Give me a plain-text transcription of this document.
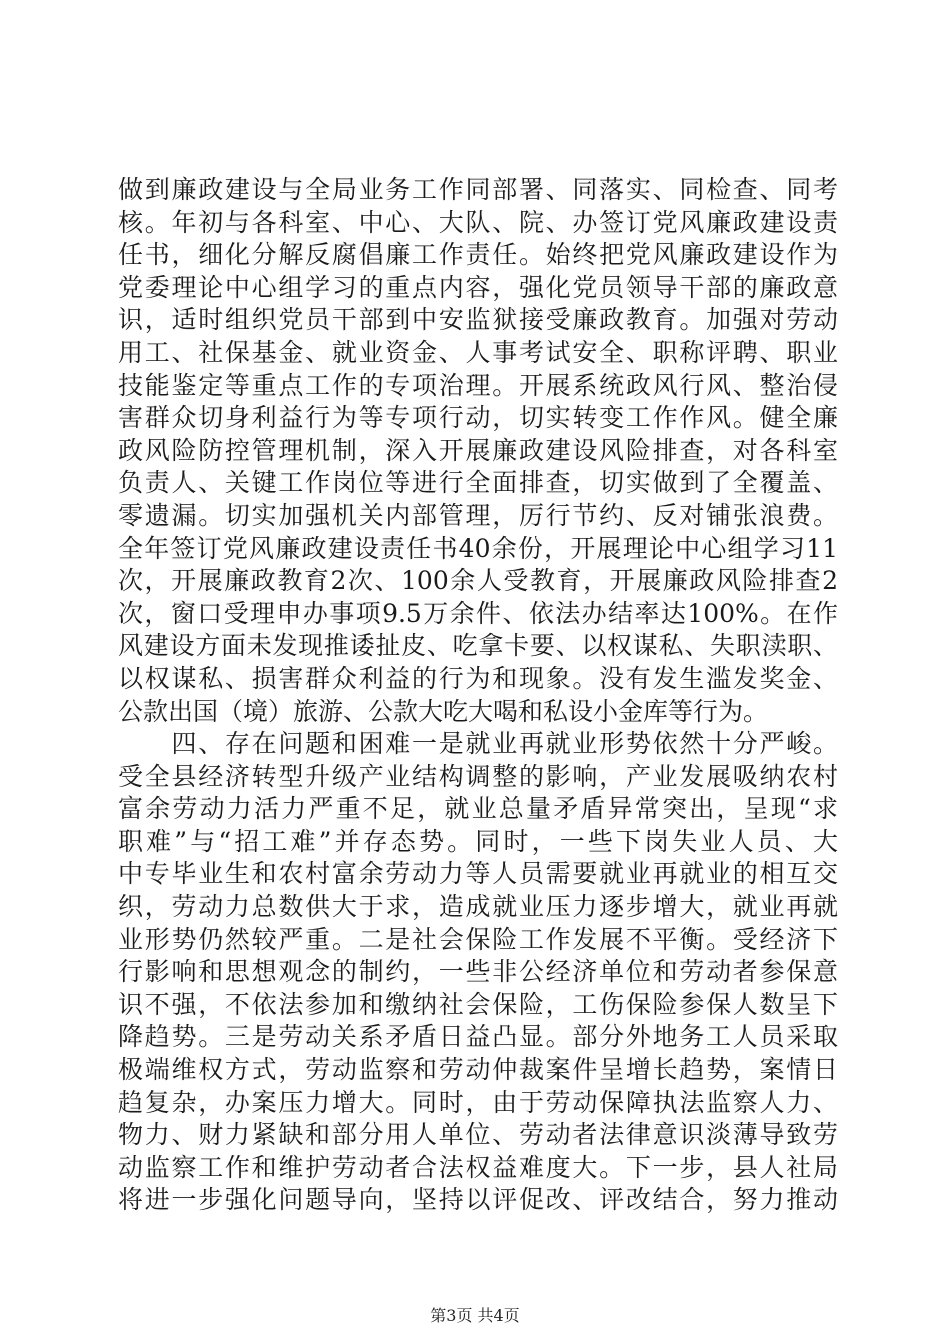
做到廉政建设与全局业务工作同部署、同落实、同检查、同考
核。年初与各科室、中心、大队、院、办签订党风廉政建设责
任书，细化分解反腐倡廉工作责任。始终把党风廉政建设作为
党委理论中心组学习的重点内容，强化党员领导干部的廉政意
识，适时组织党员干部到中安监狱接受廉政教育。加强对劳动
用工、社保基金、就业资金、人事考试安全、职称评聘、职业
技能鉴定等重点工作的专项治理。开展系统政风行风、整治侵
害群众切身利益行为等专项行动，切实转变工作作风。健全廉
政风险防控管理机制，深入开展廉政建设风险排查，对各科室
负责人、关键工作岗位等进行全面排查，切实做到了全覆盖、
零遗漏。切实加强机关内部管理，厉行节约、反对铺张浪费。
全年签订党风廉政建设责任书40余份，开展理论中心组学习11
次，开展廉政教育2次、100余人受教育，开展廉政风险排查2
次，窗口受理申办事项9.5万余件、依法办结率达100%。在作
风建设方面未发现推诿扯皮、吃拿卡要、以权谋私、失职渎职、
以权谋私、损害群众利益的行为和现象。没有发生滥发奖金、
公款出国（境）旅游、公款大吃大喝和私设小金库等行为。
　　四、存在问题和困难一是就业再就业形势依然十分严峻。
受全县经济转型升级产业结构调整的影响，产业发展吸纳农村
富余劳动力活力严重不足，就业总量矛盾异常突出，呈现“求
职难”与“招工难”并存态势。同时，一些下岗失业人员、大
中专毕业生和农村富余劳动力等人员需要就业再就业的相互交
织，劳动力总数供大于求，造成就业压力逐步增大，就业再就
业形势仍然较严重。二是社会保险工作发展不平衡。受经济下
行影响和思想观念的制约，一些非公经济单位和劳动者参保意
识不强，不依法参加和缴纳社会保险，工伤保险参保人数呈下
降趋势。三是劳动关系矛盾日益凸显。部分外地务工人员采取
极端维权方式，劳动监察和劳动仲裁案件呈增长趋势，案情日
趋复杂，办案压力增大。同时，由于劳动保障执法监察人力、
物力、财力紧缺和部分用人单位、劳动者法律意识淡薄导致劳
动监察工作和维护劳动者合法权益难度大。下一步，县人社局
将进一步强化问题导向，坚持以评促改、评改结合，努力推动
第3页 共4页
